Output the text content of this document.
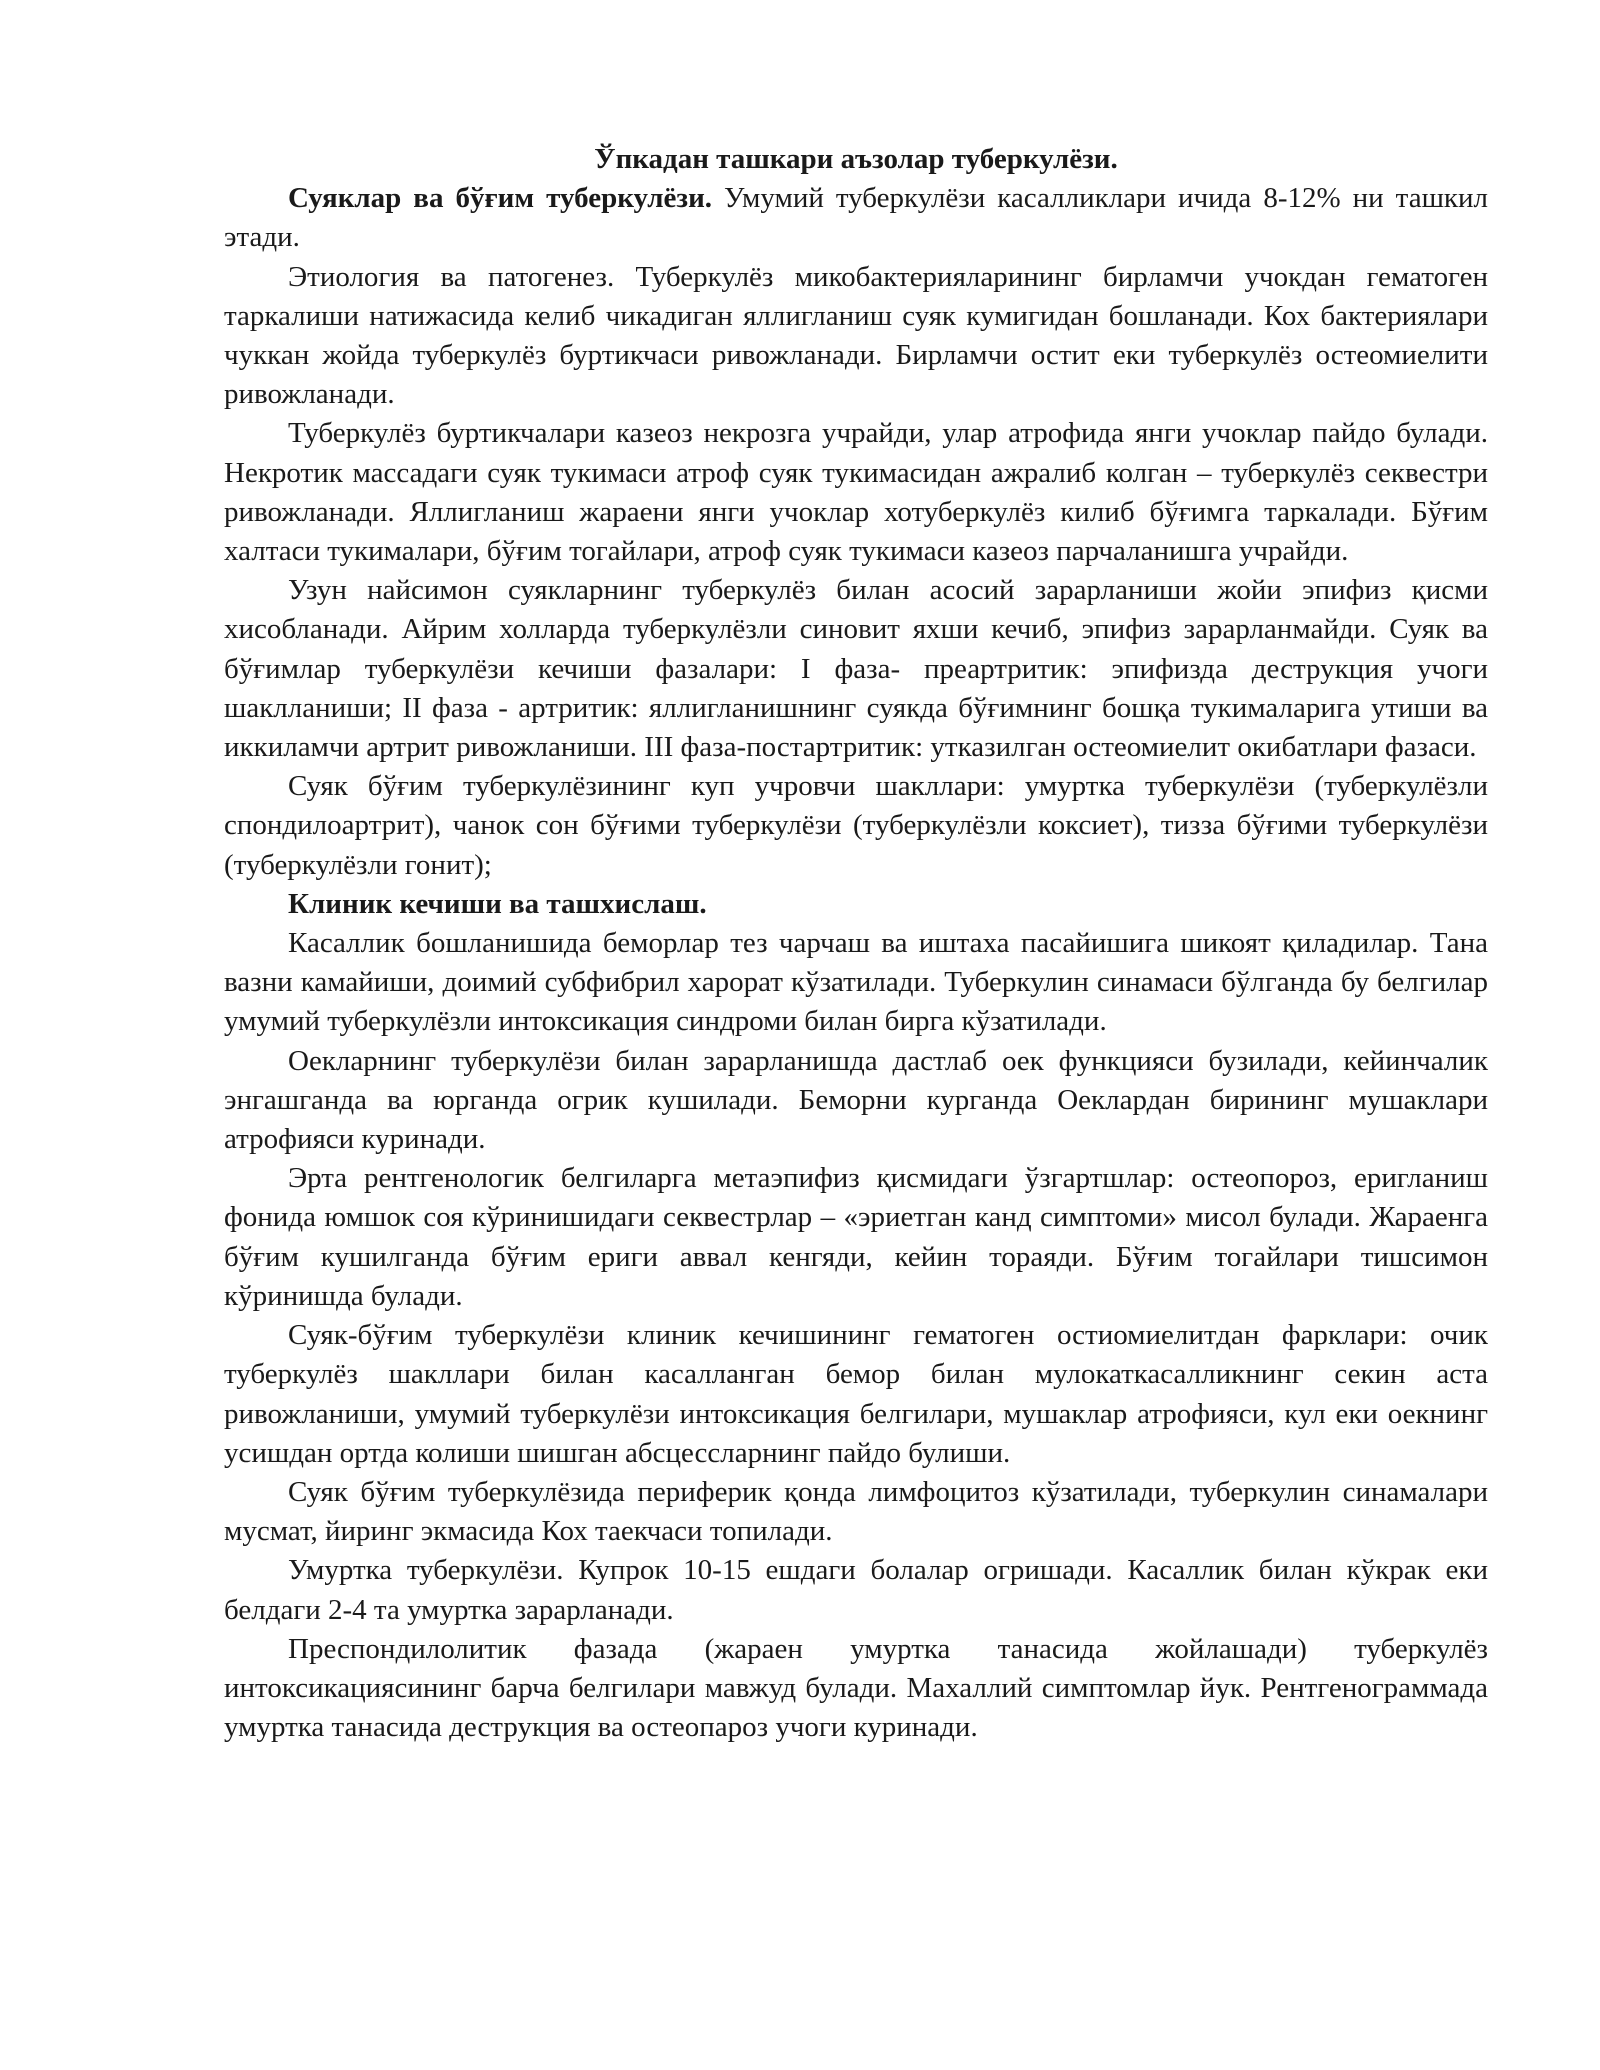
Ўпкадан ташкари аъзолар туберкулёзи.

Суяклар ва бўғим туберкулёзи. Умумий туберкулёзи касалликлари ичида 8-12% ни ташкил этади.

Этиология ва патогенез. Туберкулёз микобактерияларининг бирламчи учокдан гематоген таркалиши натижасида келиб чикадиган яллигланиш суяк кумигидан бошланади. Кох бактериялари чуккан жойда туберкулёз буртикчаси ривожланади. Бирламчи остит еки туберкулёз остеомиелити ривожланади.

Туберкулёз буртикчалари казеоз некрозга учрайди, улар атрофида янги учоклар пайдо булади. Некротик массадаги суяк тукимаси атроф суяк тукимасидан ажралиб колган – туберкулёз секвестри ривожланади. Яллигланиш жараени янги учоклар хотуберкулёз килиб бўғимга таркалади. Бўғим халтаси тукималари, бўғим тогайлари, атроф суяк тукимаси казеоз парчаланишга учрайди.

Узун найсимон суякларнинг туберкулёз билан асосий зарарланиши жойи эпифиз қисми хисобланади. Айрим холларда туберкулёзли синовит яхши кечиб, эпифиз зарарланмайди. Суяк ва бўғимлар туберкулёзи кечиши фазалари: I фаза- преартритик: эпифизда деструкция учоги шаклланиши; II фаза - артритик: яллигланишнинг суякда бўғимнинг бошқа тукималарига утиши ва иккиламчи артрит ривожланиши. III фаза-постартритик: утказилган остеомиелит окибатлари фазаси.

Суяк бўғим туберкулёзининг куп учровчи шакллари: умуртка туберкулёзи (туберкулёзли спондилоартрит), чанок сон бўғими туберкулёзи (туберкулёзли коксиет), тизза бўғими туберкулёзи (туберкулёзли гонит);

Клиник кечиши ва ташхислаш.

Касаллик бошланишида беморлар тез чарчаш ва иштаха пасайишига шикоят қиладилар. Тана вазни камайиши, доимий субфибрил харорат кўзатилади. Туберкулин синамаси бўлганда бу белгилар умумий туберкулёзли интоксикация синдроми билан бирга кўзатилади.

Оекларнинг туберкулёзи билан зарарланишда дастлаб оек функцияси бузилади, кейинчалик энгашганда ва юрганда огрик кушилади. Беморни курганда Оеклардан бирининг мушаклари атрофияси куринади.

Эрта рентгенологик белгиларга метаэпифиз қисмидаги ўзгартшлар: остеопороз, еригланиш фонида юмшок соя кўринишидаги секвестрлар – «эриетган канд симптоми» мисол булади. Жараенга бўғим кушилганда бўғим ериги аввал кенгяди, кейин тораяди. Бўғим тогайлари тишсимон кўринишда булади.

Суяк-бўғим туберкулёзи клиник кечишининг гематоген остиомиелитдан фарклари: очик туберкулёз шакллари билан касалланган бемор билан мулокаткасалликнинг секин аста ривожланиши, умумий туберкулёзи интоксикация белгилари, мушаклар атрофияси, кул еки оекнинг усишдан ортда колиши шишган абсцессларнинг пайдо булиши.

Суяк бўғим туберкулёзида периферик қонда лимфоцитоз кўзатилади, туберкулин синамалари мусмат, йиринг экмасида Кох таекчаси топилади.

Умуртка туберкулёзи. Купрок 10-15 ешдаги болалар огришади. Касаллик билан кўкрак еки белдаги 2-4 та умуртка зарарланади.

Преспондилолитик фазада (жараен умуртка танасида жойлашади) туберкулёз интоксикациясининг барча белгилари мавжуд булади. Махаллий симптомлар йук. Рентгенограммада умуртка танасида деструкция ва остеопароз учоги куринади.
